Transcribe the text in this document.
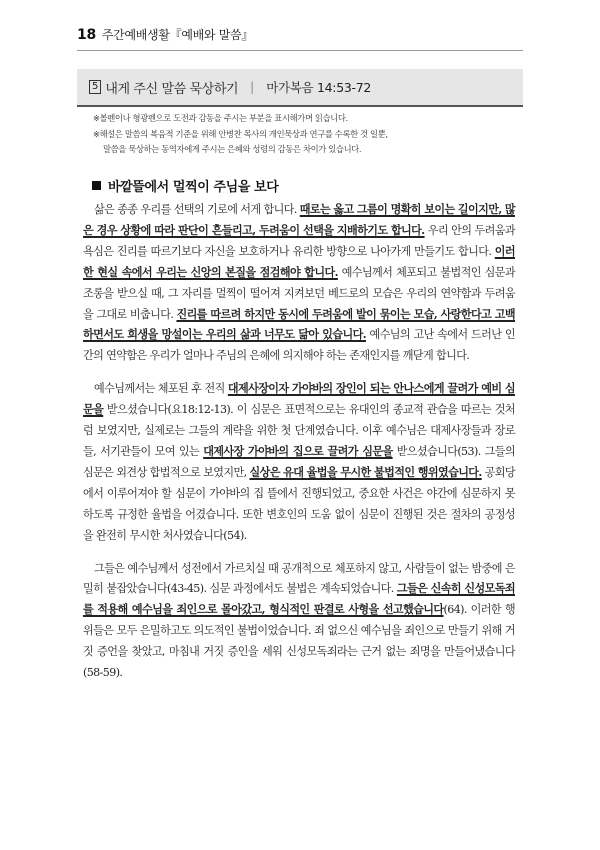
18 주간예배생활『예배와 말씀』
5 내게 주신 말씀 묵상하기 | 마가복음 14:53-72

※볼펜이나 형광펜으로 도전과 감동을 주시는 부분을 표시해가며 읽습니다.

※해설은 말씀의 복음적 기준을 위해 안병찬 목사의 개인묵상과 연구를 수록한 것 일뿐,

말씀을 묵상하는 동역자에게 주시는 은혜와 성령의 감동은 차이가 있습니다.

바깥뜰에서 멀찍이 주님을 보다

삶은 종종 우리를 선택의 기로에 서게 합니다. 때로는 옳고 그름이 명확히 보이는 길이지만, 많은 경우 상황에 따라 판단이 흔들리고, 두려움이 선택을 지배하기도 합니다. 우리 안의 두려움과 욕심은 진리를 따르기보다 자신을 보호하거나 유리한 방향으로 나아가게 만들기도 합니다. 이러한 현실 속에서 우리는 신앙의 본질을 점검해야 합니다. 예수님께서 체포되고 불법적인 심문과 조롱을 받으실 때, 그 자리를 멀찍이 떨어져 지켜보던 베드로의 모습은 우리의 연약함과 두려움을 그대로 비춥니다. 진리를 따르려 하지만 동시에 두려움에 발이 묶이는 모습, 사랑한다고 고백하면서도 희생을 망설이는 우리의 삶과 너무도 닮아 있습니다. 예수님의 고난 속에서 드러난 인간의 연약함은 우리가 얼마나 주님의 은혜에 의지해야 하는 존재인지를 깨닫게 합니다.

예수님께서는 체포된 후 전직 대제사장이자 가야바의 장인이 되는 안나스에게 끌려가 예비 심문을 받으셨습니다(요18:12-13). 이 심문은 표면적으로는 유대인의 종교적 관습을 따르는 것처럼 보였지만, 실제로는 그들의 계략을 위한 첫 단계였습니다. 이후 예수님은 대제사장들과 장로들, 서기관들이 모여 있는 대제사장 가야바의 집으로 끌려가 심문을 받으셨습니다(53). 그들의 심문은 외견상 합법적으로 보였지만, 실상은 유대 율법을 무시한 불법적인 행위였습니다. 공회당에서 이루어져야 할 심문이 가야바의 집 뜰에서 진행되었고, 중요한 사건은 야간에 심문하지 못하도록 규정한 율법을 어겼습니다. 또한 변호인의 도움 없이 심문이 진행된 것은 절차의 공정성을 완전히 무시한 처사였습니다(54).

그들은 예수님께서 성전에서 가르치실 때 공개적으로 체포하지 않고, 사람들이 없는 밤중에 은밀히 붙잡았습니다(43-45). 심문 과정에서도 불법은 계속되었습니다. 그들은 신속히 신성모독죄를 적용해 예수님을 죄인으로 몰아갔고, 형식적인 판결로 사형을 선고했습니다(64). 이러한 행위들은 모두 은밀하고도 의도적인 불법이었습니다. 죄 없으신 예수님을 죄인으로 만들기 위해 거짓 증언을 찾았고, 마침내 거짓 증인을 세워 신성모독죄라는 근거 없는 죄명을 만들어냈습니다(58-59).
